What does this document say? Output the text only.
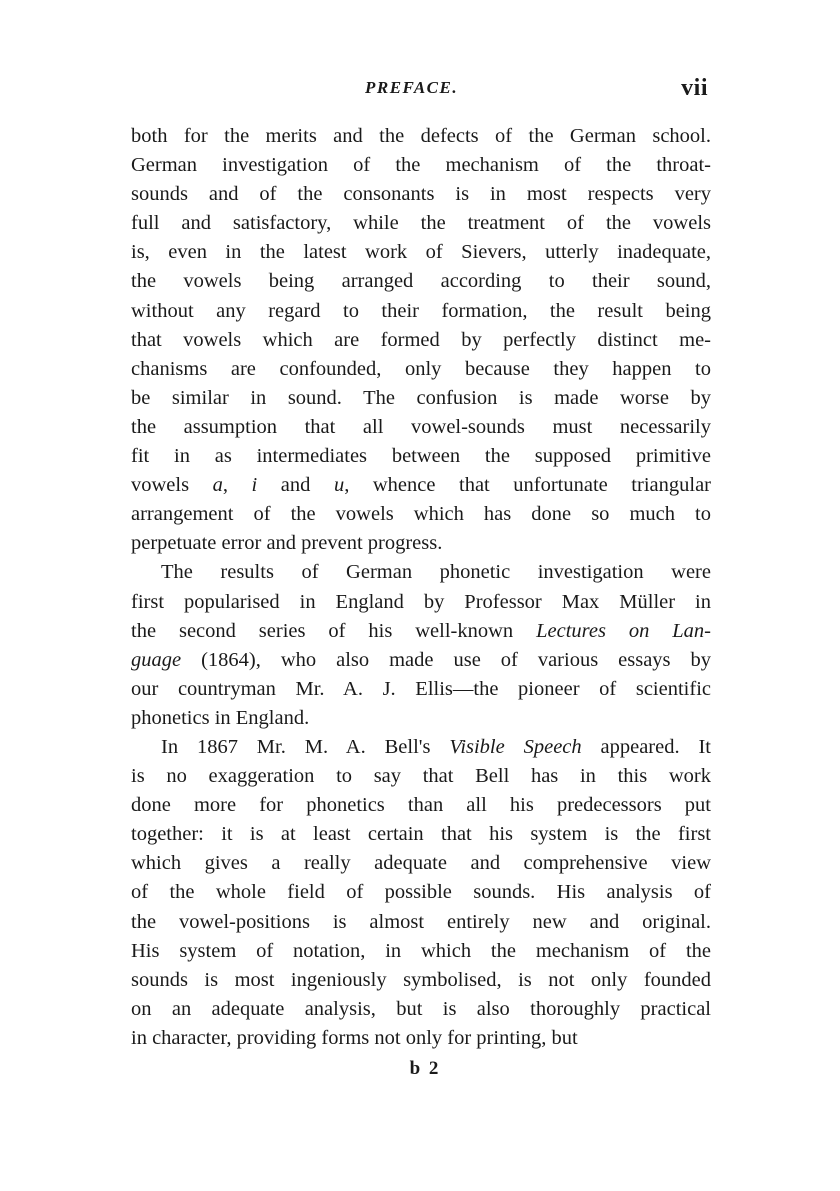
PREFACE.	vii
both for the merits and the defects of the German school.
German investigation of the mechanism of the throat-
sounds and of the consonants is in most respects very
full and satisfactory, while the treatment of the vowels
is, even in the latest work of Sievers, utterly inadequate,
the vowels being arranged according to their sound,
without any regard to their formation, the result being
that vowels which are formed by perfectly distinct me-
chanisms are confounded, only because they happen to
be similar in sound. The confusion is made worse by
the assumption that all vowel-sounds must necessarily
fit in as intermediates between the supposed primitive
vowels a, i and u, whence that unfortunate triangular
arrangement of the vowels which has done so much to
perpetuate error and prevent progress.
The results of German phonetic investigation were
first popularised in England by Professor Max Müller in
the second series of his well-known Lectures on Lan-
guage (1864), who also made use of various essays by
our countryman Mr. A. J. Ellis—the pioneer of scientific
phonetics in England.
In 1867 Mr. M. A. Bell's Visible Speech appeared. It
is no exaggeration to say that Bell has in this work
done more for phonetics than all his predecessors put
together: it is at least certain that his system is the first
which gives a really adequate and comprehensive view
of the whole field of possible sounds. His analysis of
the vowel-positions is almost entirely new and original.
His system of notation, in which the mechanism of the
sounds is most ingeniously symbolised, is not only founded
on an adequate analysis, but is also thoroughly practical
in character, providing forms not only for printing, but
b 2
